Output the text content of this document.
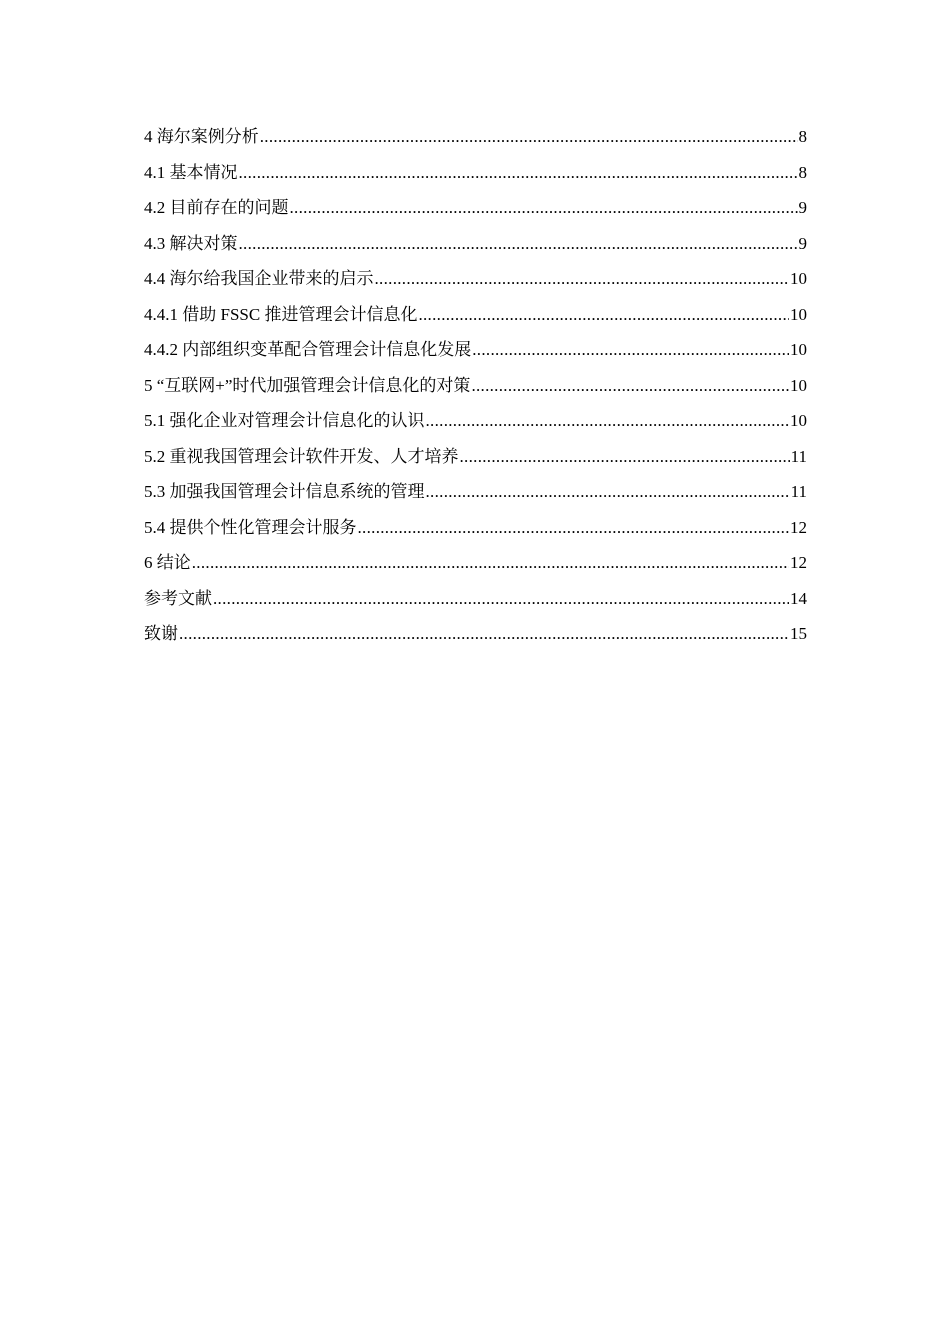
4 海尔案例分析 .....	8
4.1 基本情况 .....	8
4.2 目前存在的问题 .....	9
4.3 解决对策 .....	9
4.4 海尔给我国企业带来的启示 .....	10
4.4.1 借助 FSSC 推进管理会计信息化 .....	10
4.4.2 内部组织变革配合管理会计信息化发展 .....	10
5 “互联网+”时代加强管理会计信息化的对策 .....	10
5.1 强化企业对管理会计信息化的认识 .....	10
5.2 重视我国管理会计软件开发、人才培养 .....	11
5.3 加强我国管理会计信息系统的管理 .....	11
5.4 提供个性化管理会计服务 .....	12
6 结论 .....	12
参考文献 .....	14
致谢 .....	15
